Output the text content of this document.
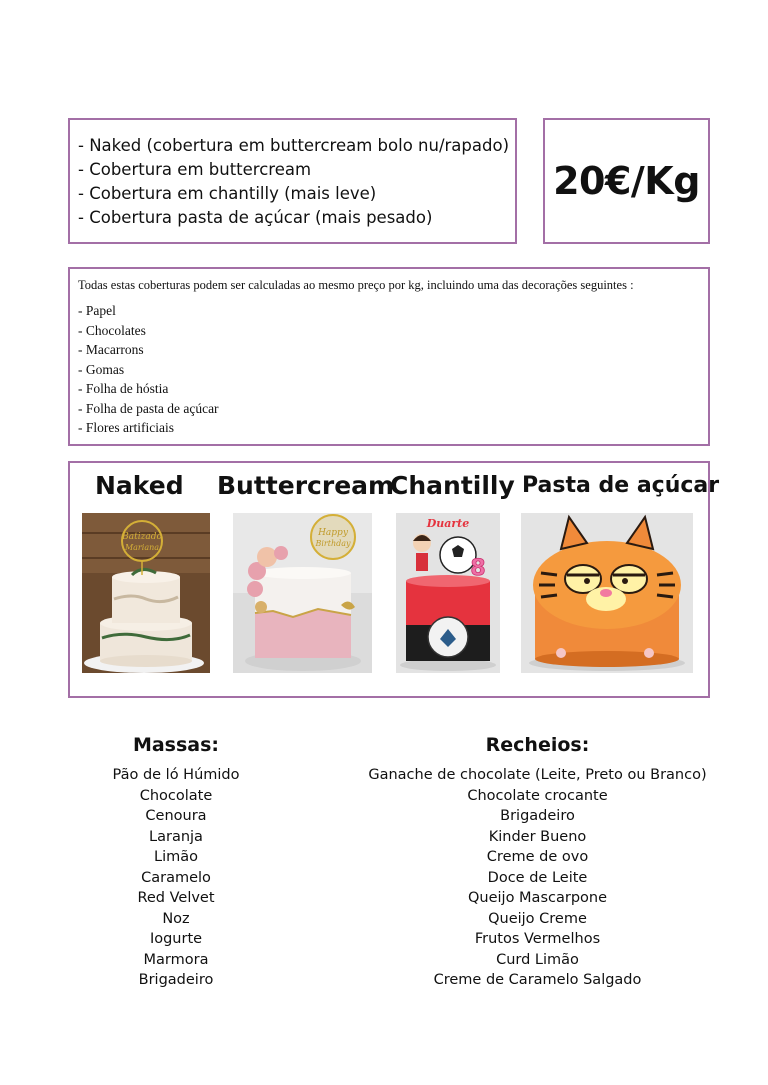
- Naked (cobertura em buttercream bolo nu/rapado)
- Cobertura em buttercream
- Cobertura em chantilly (mais leve)
- Cobertura pasta de açúcar (mais pesado)
20€/Kg
Todas estas coberturas podem ser calculadas ao mesmo preço por kg, incluindo uma das decorações seguintes :
- Papel
- Chocolates
- Macarrons
- Gomas
- Folha de hóstia
- Folha de pasta de açúcar
- Flores artificiais
Naked
Batizado
Mariana
Buttercream
Happy
Birthday
Chantilly
Duarte
8
Pasta de açúcar
Massas:
Pão de ló Húmido
Chocolate
Cenoura
Laranja
Limão
Caramelo
Red Velvet
Noz
Iogurte
Marmora
Brigadeiro
Recheios:
Ganache de chocolate (Leite, Preto ou Branco)
Chocolate crocante
Brigadeiro
Kinder Bueno
Creme de ovo
Doce de Leite
Queijo Mascarpone
Queijo Creme
Frutos Vermelhos
Curd Limão
Creme de Caramelo Salgado
